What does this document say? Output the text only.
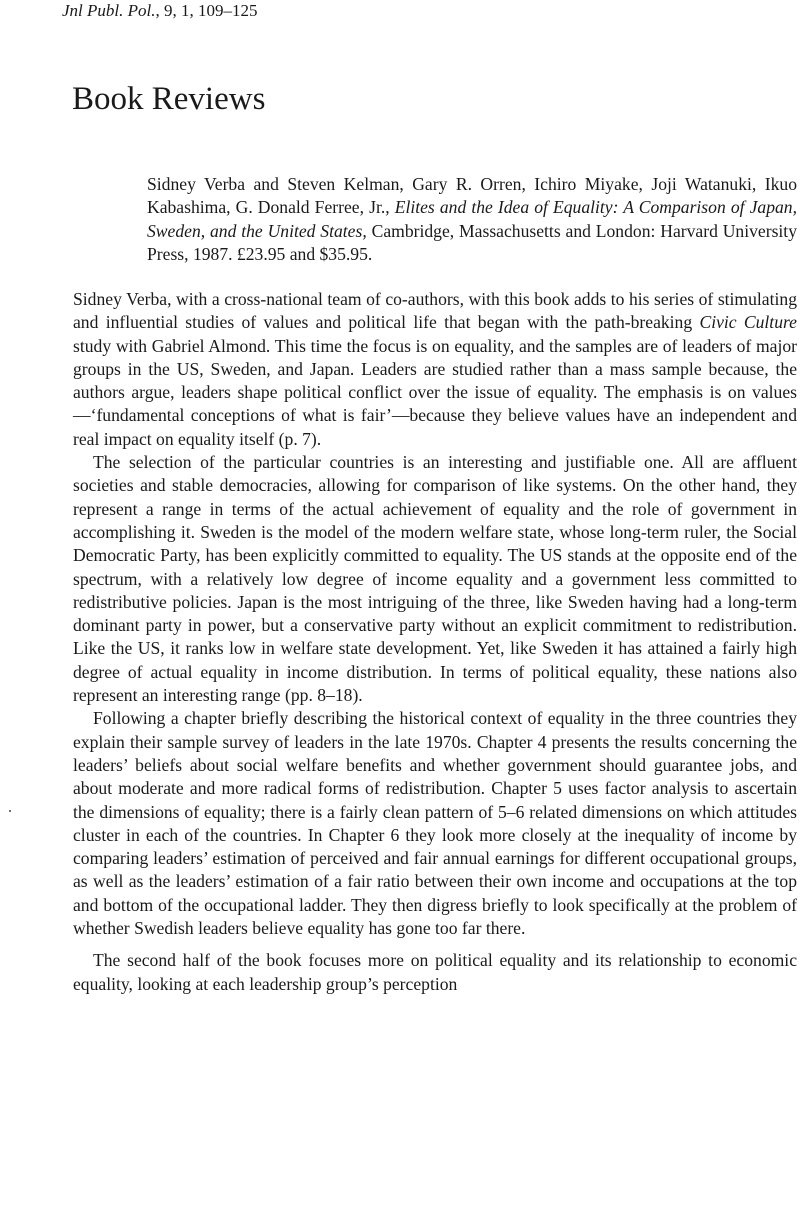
Jnl Publ. Pol., 9, 1, 109–125
Book Reviews

Sidney Verba and Steven Kelman, Gary R. Orren, Ichiro Miyake, Joji Watanuki, Ikuo Kabashima, G. Donald Ferree, Jr., Elites and the Idea of Equality: A Comparison of Japan, Sweden, and the United States, Cambridge, Massachusetts and London: Harvard University Press, 1987. £23.95 and $35.95.

Sidney Verba, with a cross-national team of co-authors, with this book adds to his series of stimulating and influential studies of values and political life that began with the path-breaking Civic Culture study with Gabriel Almond. This time the focus is on equality, and the samples are of leaders of major groups in the US, Sweden, and Japan. Leaders are studied rather than a mass sample because, the authors argue, leaders shape political conflict over the issue of equality. The emphasis is on values—‘fundamental conceptions of what is fair’—because they believe values have an independent and real impact on equality itself (p. 7).

The selection of the particular countries is an interesting and justifiable one. All are affluent societies and stable democracies, allowing for comparison of like systems. On the other hand, they represent a range in terms of the actual achievement of equality and the role of government in accomplishing it. Sweden is the model of the modern welfare state, whose long-term ruler, the Social Democratic Party, has been explicitly committed to equality. The US stands at the opposite end of the spectrum, with a relatively low degree of income equality and a government less committed to redistributive policies. Japan is the most intriguing of the three, like Sweden having had a long-term dominant party in power, but a conservative party without an explicit commitment to redistribution. Like the US, it ranks low in welfare state development. Yet, like Sweden it has attained a fairly high degree of actual equality in income distribution. In terms of political equality, these nations also represent an interesting range (pp. 8–18).

Following a chapter briefly describing the historical context of equality in the three countries they explain their sample survey of leaders in the late 1970s. Chapter 4 presents the results concerning the leaders’ beliefs about social welfare benefits and whether government should guarantee jobs, and about moderate and more radical forms of redistribution. Chapter 5 uses factor analysis to ascertain the dimensions of equality; there is a fairly clean pattern of 5–6 related dimensions on which attitudes cluster in each of the countries. In Chapter 6 they look more closely at the inequality of income by comparing leaders’ estimation of perceived and fair annual earnings for different occupational groups, as well as the leaders’ estimation of a fair ratio between their own income and occupations at the top and bottom of the occupational ladder. They then digress briefly to look specifically at the problem of whether Swedish leaders believe equality has gone too far there.

The second half of the book focuses more on political equality and its relationship to economic equality, looking at each leadership group’s perception
